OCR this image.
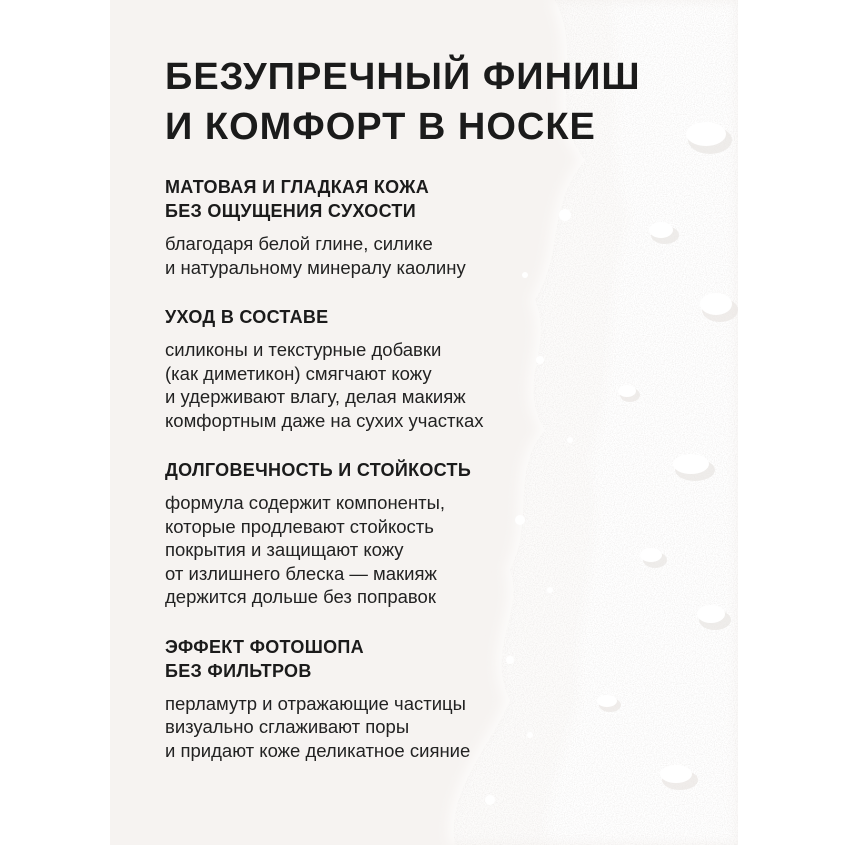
БЕЗУПРЕЧНЫЙ ФИНИШ
И КОМФОРТ В НОСКЕ
МАТОВАЯ И ГЛАДКАЯ КОЖА
БЕЗ ОЩУЩЕНИЯ СУХОСТИ

благодаря белой глине, силике
и натуральному минералу каолину

УХОД В СОСТАВЕ

силиконы и текстурные добавки
(как диметикон) смягчают кожу
и удерживают влагу, делая макияж
комфортным даже на сухих участках

ДОЛГОВЕЧНОСТЬ И СТОЙКОСТЬ

формула содержит компоненты,
которые продлевают стойкость
покрытия и защищают кожу
от излишнего блеска — макияж
держится дольше без поправок

ЭФФЕКТ ФОТОШОПА
БЕЗ ФИЛЬТРОВ

перламутр и отражающие частицы
визуально сглаживают поры
и придают коже деликатное сияние
